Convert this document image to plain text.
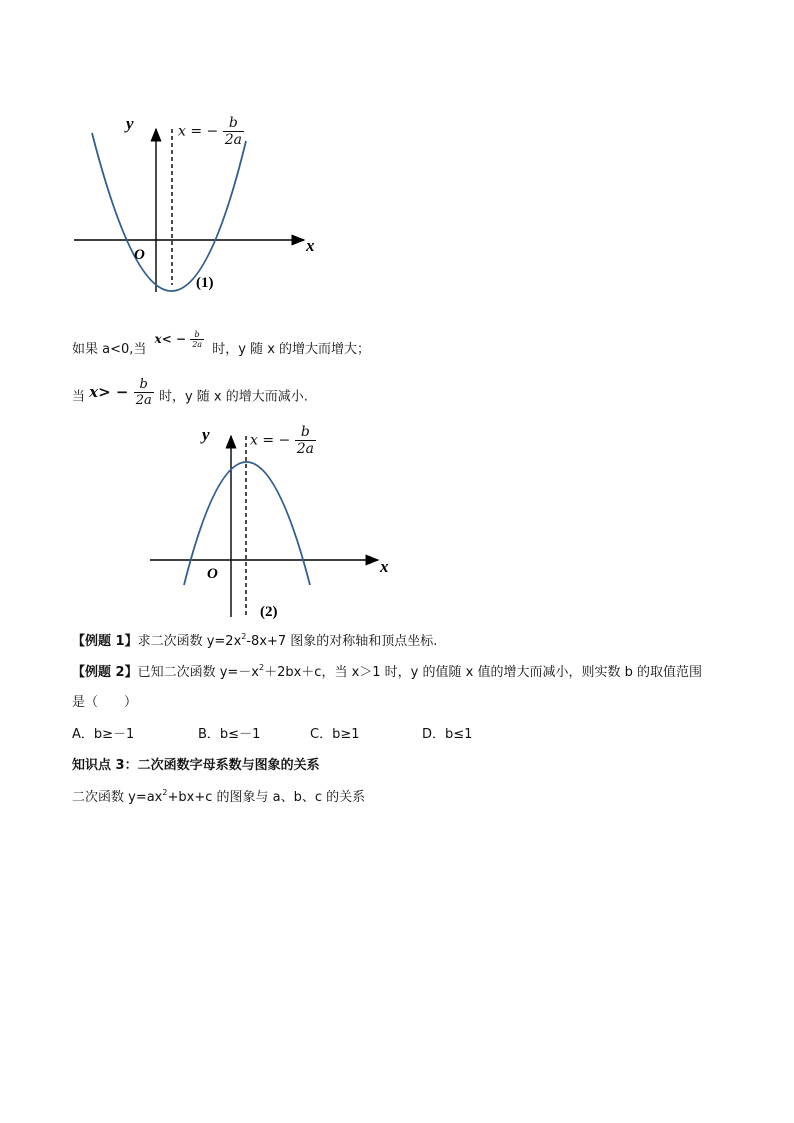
y
x
O
(1)
x = − $\frac{b}{2a}$
如果 a<0,当 $x< - \frac{b}{2a}$
时，y 随 x 的增大而增大；
当 $x> - \frac{b}{2a}$ 时，y 随 x 的增大而减小.
y
x
O
(2)
x = − $\frac{b}{2a}$
【例题 1】求二次函数 $y=2x^2-8x+7$ 图象的对称轴和顶点坐标.
【例题 2】已知二次函数 $y=-x^2+2bx+c$，当 x＞1 时，y 的值随 x 值的增大而减小，则实数 b 的取值范围
是（　　）
A．b≥－1	B．b≤－1	C．b≥1	D．b≤1
知识点 3：二次函数字母系数与图象的关系
二次函数 $y=ax^2+bx+c$ 的图象与 a、b、c 的关系
